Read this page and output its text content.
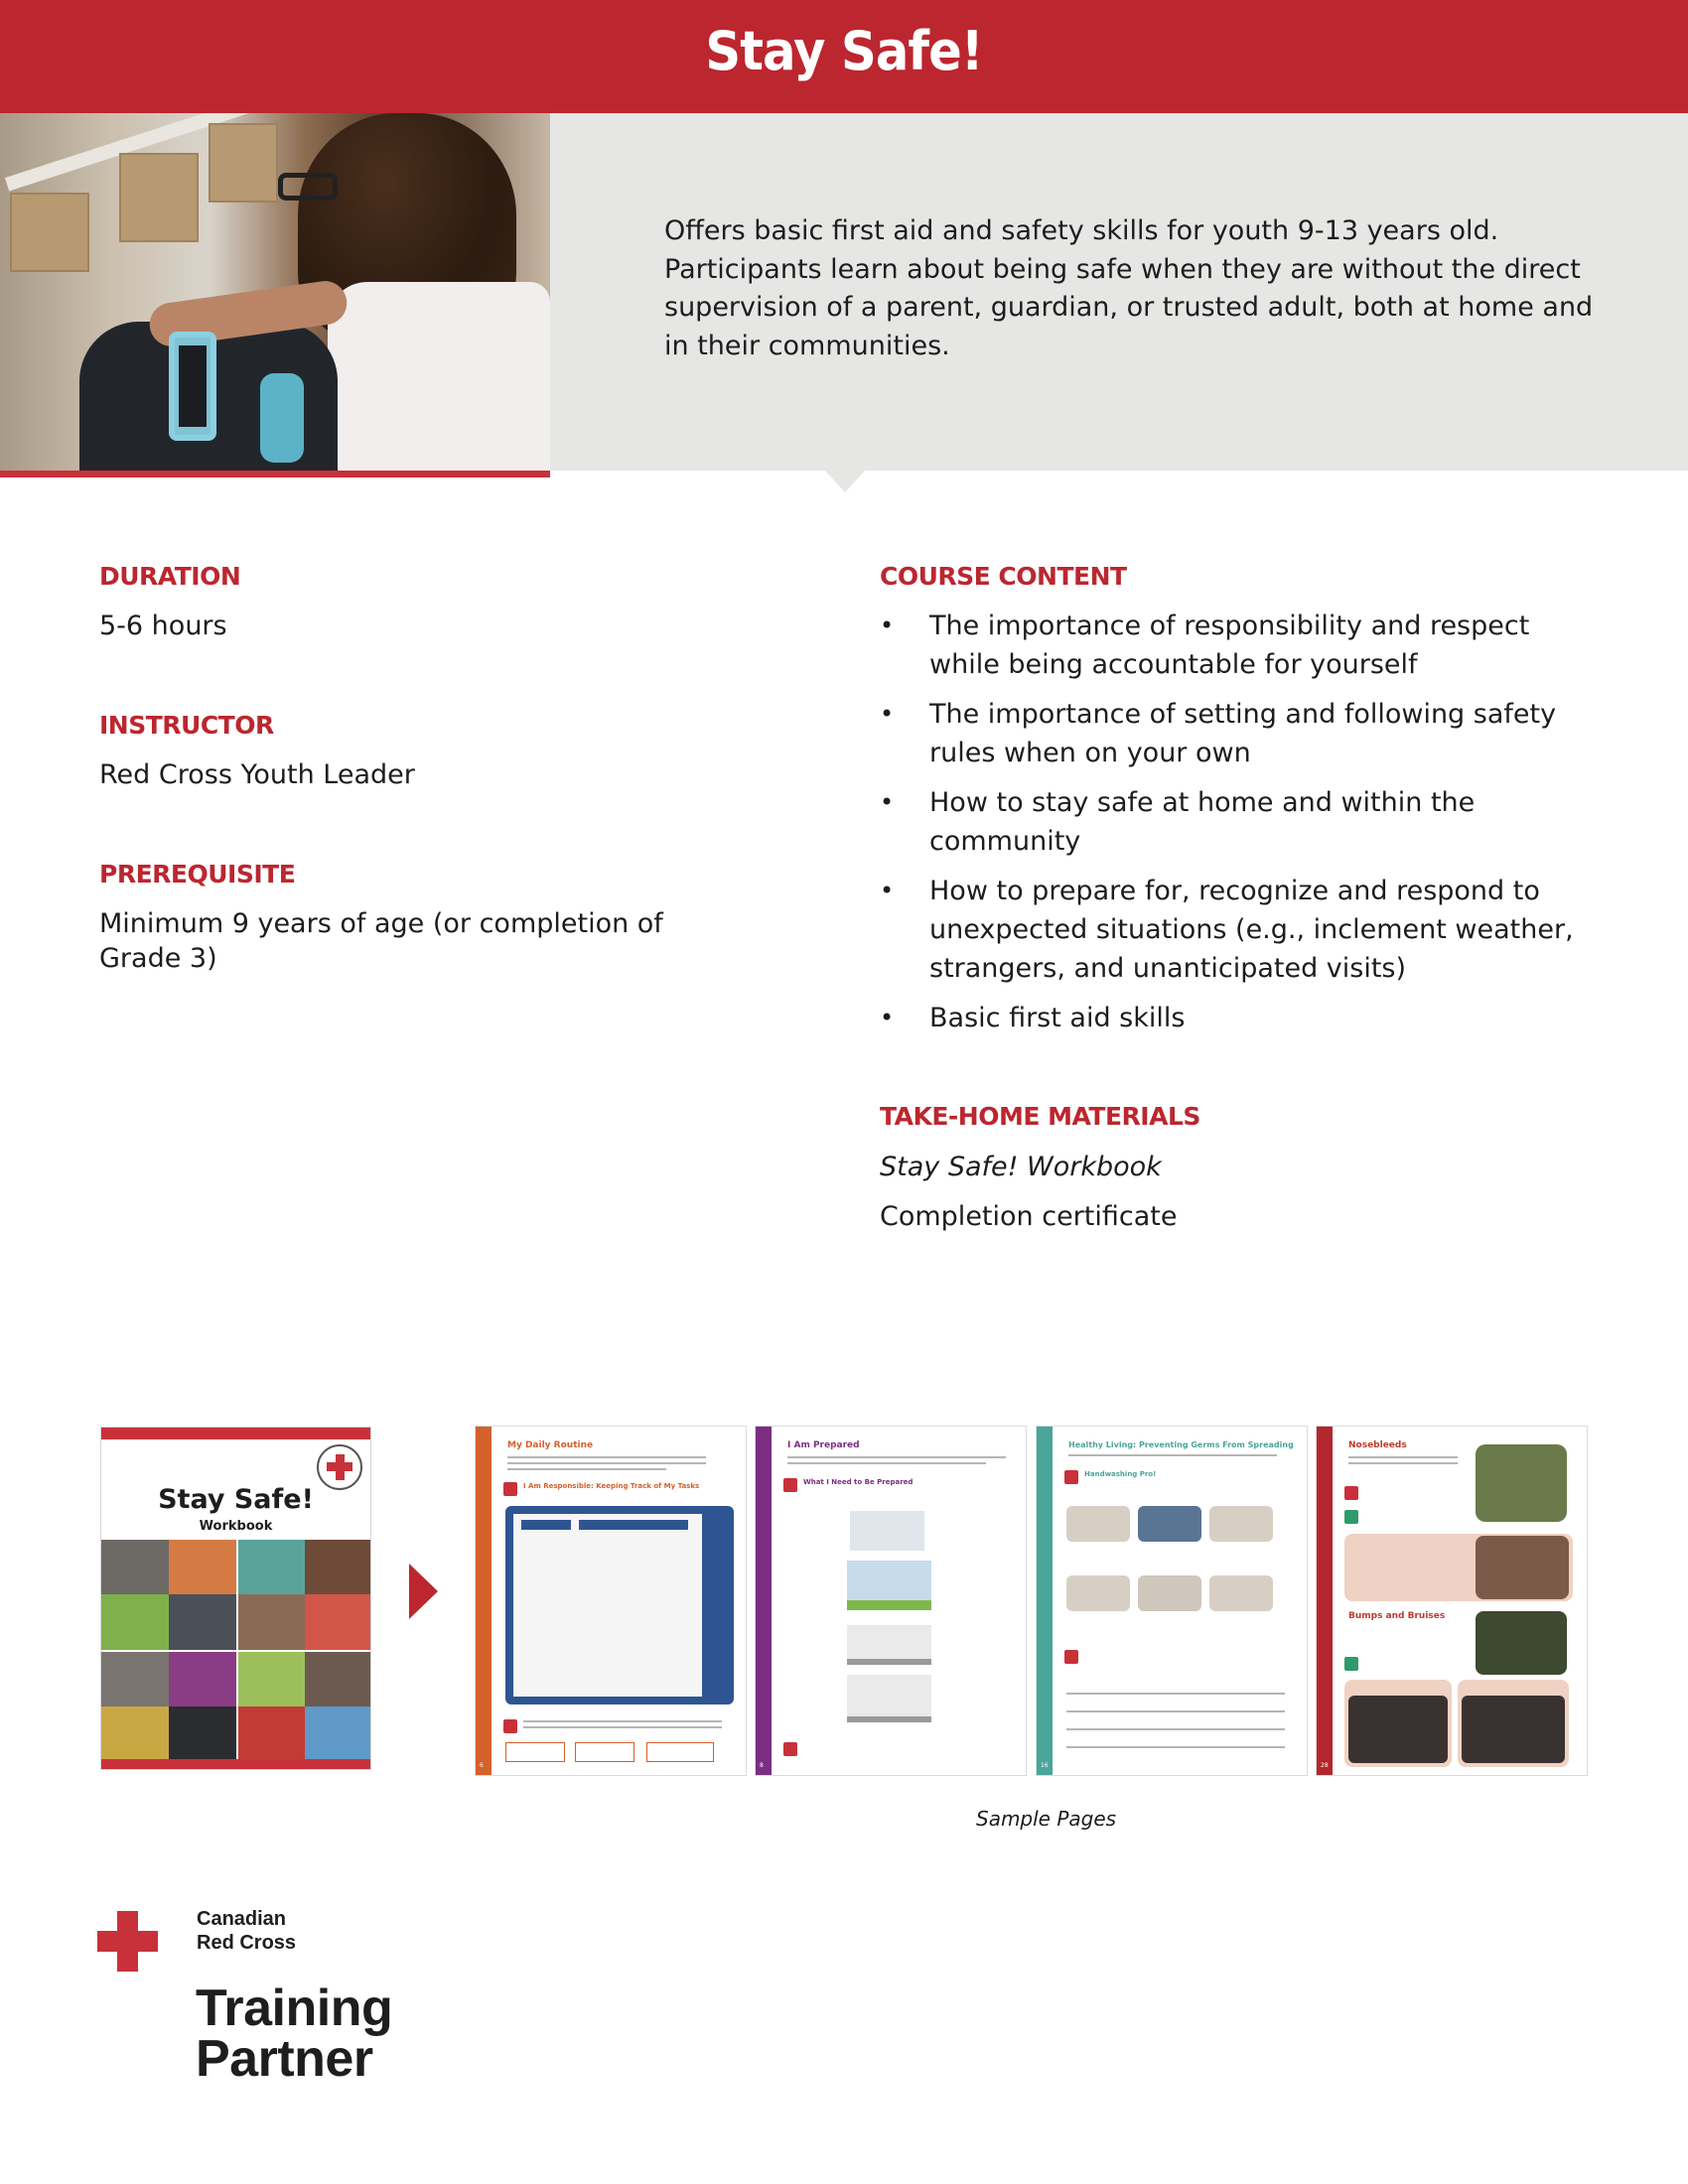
Stay Safe!
Offers basic first aid and safety skills for youth 9-13 years old. Participants learn about being safe when they are without the direct supervision of a parent, guardian, or trusted adult, both at home and in their communities.
DURATION
5-6 hours
INSTRUCTOR
Red Cross Youth Leader
PREREQUISITE
Minimum 9 years of age (or completion of Grade 3)
COURSE CONTENT
• The importance of responsibility and respect while being accountable for yourself
• The importance of setting and following safety rules when on your own
• How to stay safe at home and within the community
• How to prepare for, recognize and respond to unexpected situations (e.g., inclement weather, strangers, and unanticipated visits)
• Basic first aid skills
TAKE-HOME MATERIALS
Stay Safe! Workbook
Completion certificate
Stay Safe!
Workbook
My Daily Routine
I Am Responsible: Keeping Track of My Tasks
6
I Am Prepared
What I Need to Be Prepared
8
Healthy Living: Preventing Germs From Spreading
Handwashing Pro!
16
Nosebleeds
Bumps and Bruises
28
Sample Pages
Canadian
Red Cross
Training
Partner
